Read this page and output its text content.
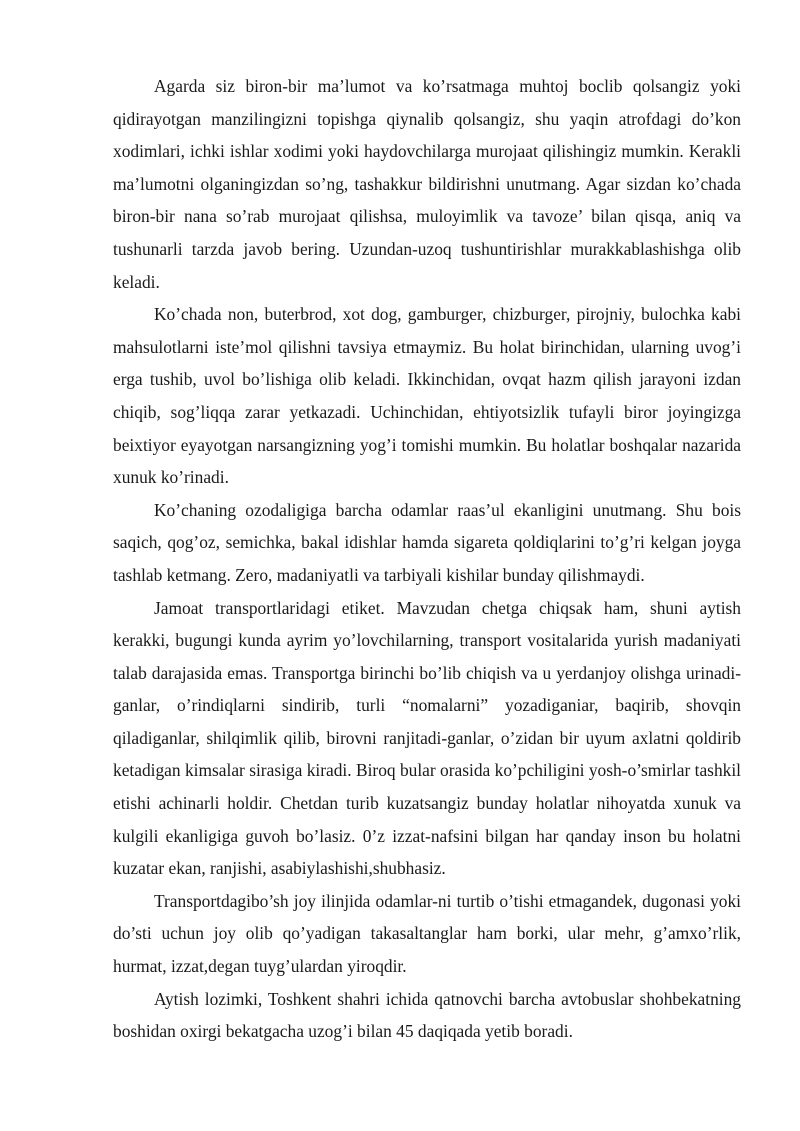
Agarda siz biron-bir ma’lumot va ko’rsatmaga muhtoj boclib qolsangiz yoki qidirayotgan manzilingizni topishga qiynalib qolsangiz, shu yaqin atrofdagi do’kon xodimlari, ichki ishlar xodimi yoki haydovchilarga murojaat qilishingiz mumkin. Kerakli ma’lumotni olganingizdan so’ng, tashakkur bildirishni unutmang. Agar sizdan ko’chada biron-bir nana so’rab murojaat qilishsa, muloyimlik va tavoze’ bilan qisqa, aniq va tushunarli tarzda javob bering. Uzundan-uzoq tushuntirishlar murakkablashishga olib keladi.

Ko’chada non, buterbrod, xot dog, gamburger, chizburger, pirojniy, bulochka kabi mahsulotlarni iste’mol qilishni tavsiya etmaymiz. Bu holat birinchidan, ularning uvog’i erga tushib, uvol bo’lishiga olib keladi. Ikkinchidan, ovqat hazm qilish jarayoni izdan chiqib, sog’liqqa zarar yetkazadi. Uchinchidan, ehtiyotsizlik tufayli biror joyingizga beixtiyor eyayotgan narsangizning yog’i tomishi mumkin. Bu holatlar boshqalar nazarida xunuk ko’rinadi.

Ko’chaning ozodaligiga barcha odamlar raas’ul ekanligini unutmang. Shu bois saqich, qog’oz, semichka, bakal idishlar hamda sigareta qoldiqlarini to’g’ri kelgan joyga tashlab ketmang. Zero, madaniyatli va tarbiyali kishilar bunday qilishmaydi.

Jamoat transportlaridagi etiket. Mavzudan chetga chiqsak ham, shuni aytish kerakki, bugungi kunda ayrim yo’lovchilarning, transport vositalarida yurish madaniyati talab darajasida emas. Transportga birinchi bo’lib chiqish va u yerdanjoy olishga urinadi-ganlar, o’rindiqlarni sindirib, turli “nomalarni” yozadiganiar, baqirib, shovqin qiladiganlar, shilqimlik qilib, birovni ranjitadi-ganlar, o’zidan bir uyum axlatni qoldirib ketadigan kimsalar sirasiga kiradi. Biroq bular orasida ko’pchiligini yosh-o’smirlar tashkil etishi achinarli holdir. Chetdan turib kuzatsangiz bunday holatlar nihoyatda xunuk va kulgili ekanligiga guvoh bo’lasiz. 0’z izzat-nafsini bilgan har qanday inson bu holatni kuzatar ekan, ranjishi, asabiylashishi,shubhasiz.

Transportdagibo’sh joy ilinjida odamlar-ni turtib o’tishi etmagandek, dugonasi yoki do’sti uchun joy olib qo’yadigan takasaltanglar ham borki, ular mehr, g’amxo’rlik, hurmat, izzat,degan tuyg’ulardan yiroqdir.

Aytish lozimki, Toshkent shahri ichida qatnovchi barcha avtobuslar shohbekatning boshidan oxirgi bekatgacha uzog’i bilan 45 daqiqada yetib boradi.
